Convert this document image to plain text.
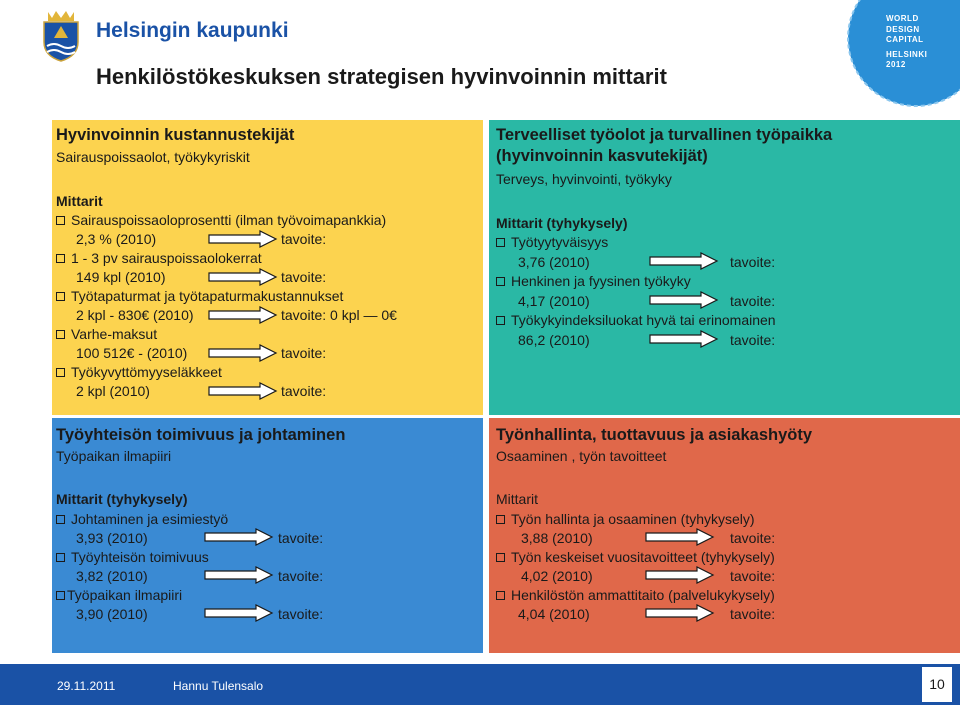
Helsingin kaupunki
Henkilöstökeskuksen strategisen hyvinvoinnin mittarit
WORLD
DESIGN
CAPITAL
HELSINKI
2012
Hyvinvoinnin kustannustekijät
Sairauspoissaolot, työkykyriskit
Mittarit
Sairauspoissaoloprosentti (ilman työvoimapankkia)
2,3 % (2010)	tavoite:
1 - 3 pv sairauspoissaolokerrat
149 kpl (2010)	tavoite:
Työtapaturmat ja työtapaturmakustannukset
2 kpl - 830€ (2010)	tavoite: 0 kpl — 0€
Varhe-maksut
100 512€ - (2010)	tavoite:
Työkyvyttömyyseläkkeet
2 kpl (2010)	tavoite:
Terveelliset työolot ja turvallinen työpaikka
(hyvinvoinnin kasvutekijät)
Terveys, hyvinvointi, työkyky
Mittarit (tyhykysely)
Työtyytyväisyys
3,76 (2010)	tavoite:
Henkinen ja fyysinen työkyky
4,17 (2010)	tavoite:
Työkykyindeksiluokat hyvä tai erinomainen
86,2 (2010)	tavoite:
Työyhteisön toimivuus ja johtaminen
Työpaikan ilmapiiri
Mittarit (tyhykysely)
Johtaminen ja esimiestyö
3,93 (2010)	tavoite:
Työyhteisön toimivuus
3,82 (2010)	tavoite:
Työpaikan ilmapiiri
3,90 (2010)	tavoite:
Työnhallinta, tuottavuus ja asiakashyöty
Osaaminen , työn tavoitteet
Mittarit
Työn hallinta ja osaaminen (tyhykysely)
3,88 (2010)	tavoite:
Työn keskeiset vuositavoitteet (tyhykysely)
4,02 (2010)	tavoite:
Henkilöstön ammattitaito (palvelukykysely)
4,04 (2010)	tavoite:
29.11.2011	Hannu Tulensalo	10
